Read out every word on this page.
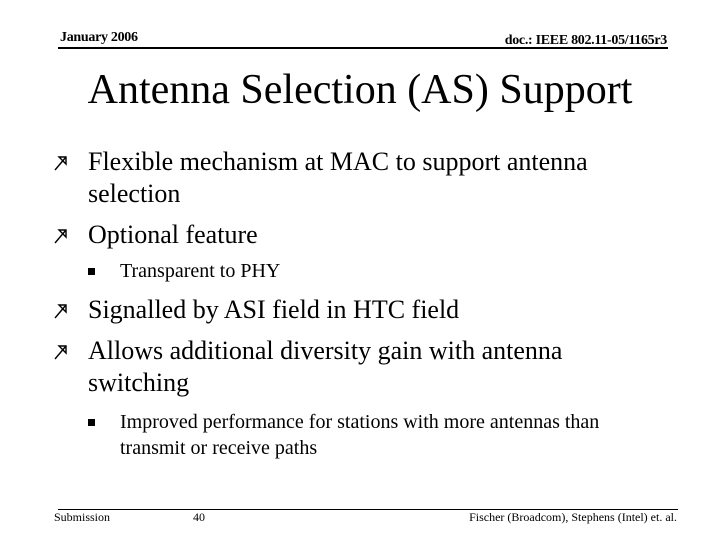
January 2006	doc.: IEEE 802.11-05/1165r3
Antenna Selection (AS) Support
Flexible mechanism at MAC to support antenna selection
Optional feature
Transparent to PHY
Signalled by ASI field in HTC field
Allows additional diversity gain with antenna switching
Improved performance for stations with more antennas than transmit or receive paths
Submission	40	Fischer (Broadcom), Stephens (Intel) et. al.
